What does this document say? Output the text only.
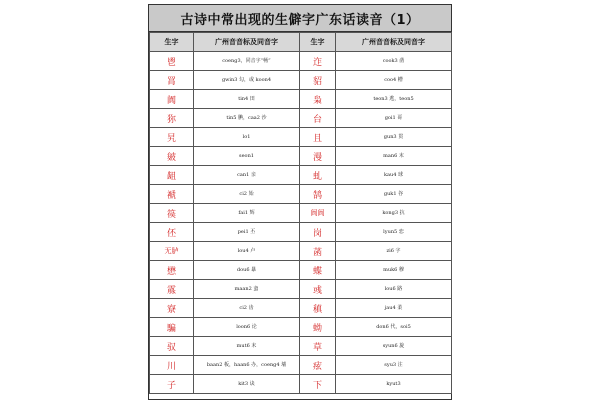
古诗中常出现的生僻字广东话读音（1）
生字	广州音音标及同音字	生字	广州音音标及同音字
鬯	coeng3，同音字“畅”	迮	cook3 凿
罥	gwin3 勾，或 koon4	貂	coo4 槽
阗	tin4 田	枭	teon3 逃，teon5
狝	tin5 腆，caa2 沙	台	goi1 哥
旯	lo1	且	gun3 贯
皴	seon1	漫	man6 末
龃	can1 亲	虬	kau4 球
褫	ci2 始	鹄	guk1 谷
篌	fai1 辉	阆阆	kong3 抗
伾	pei1 丕	岗	lyun5 恋
无胪	lou4 卢	菡	zi6 字
懋	dou6 暴	蝶	muk6 穆
霡	maan2 蛮	彧	lou6 路
寮	ci2 齿	稹	jau4 柔
騙	loon6 论	蚴	don6 代，soi5
驭	mut6 末	草	syun6 旋
川	baan2 板，haan6 办，coeng4 墙	痃	syu3 注
子	kit3 诀	下	kyut3
